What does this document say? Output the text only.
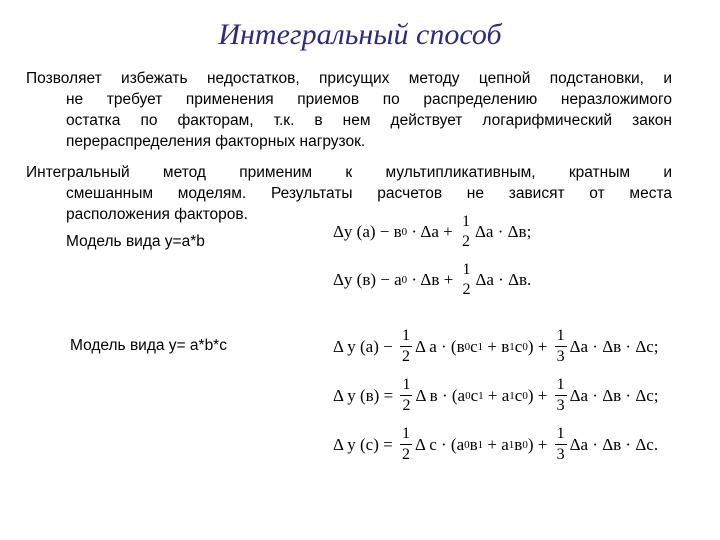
Интегральный способ

Позволяет избежать недостатков, присущих методу цепной подстановки, и

не требует применения приемов по распределению неразложимого

остатка по факторам, т.к. в нем действует логарифмический закон

перераспределения факторных нагрузок.

Интегральный метод применим к мультипликативным, кратным и

смешанным моделям. Результаты расчетов не зависят от места

расположения факторов.

Модель вида y=a*b
Δy (a) − в 0 · Δa +
1
2
Δa · Δв;
Δy (в) − a 0 · Δв +
1
2
Δa · Δв.
Модель вида y= a*b*c	Δ y $(a) - \frac{1}{2}$ Δ a · (в 0 c 1 + в 1 c 0 ) + $\frac{1}{3}$ Δa · Δв · Δc;
Δ y $(в) = \frac{1}{2}$ Δ в · (a 0 c 1 + a 1 c 0 ) + $\frac{1}{3}$ Δa · Δв · Δc;
Δ y $(c) = \frac{1}{2}$ Δ c · (a 0 в 1 + a 1 в 0 ) + $\frac{1}{3}$ Δa · Δв · Δc.
